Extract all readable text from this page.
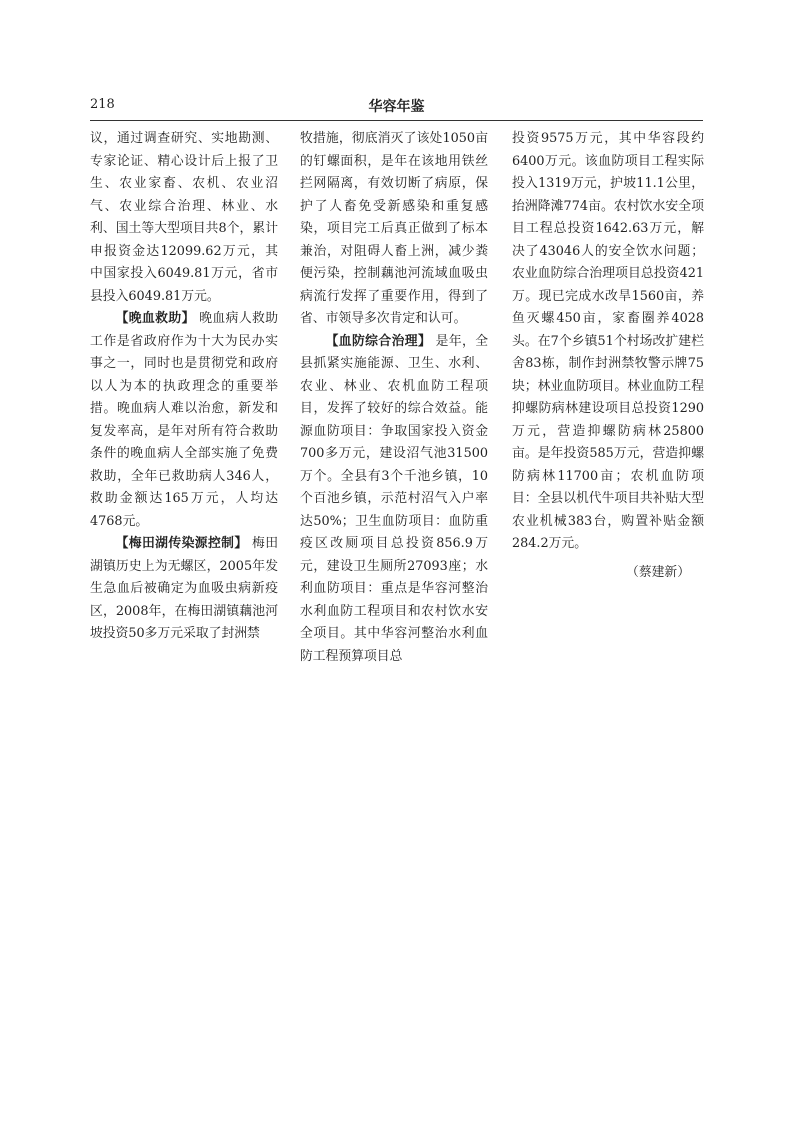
218	华容年鉴

议，通过调查研究、实地勘测、专家论证、精心设计后上报了卫生、农业家畜、农机、农业沼气、农业综合治理、林业、水利、国土等大型项目共8个，累计申报资金达12099.62万元，其中国家投入6049.81万元，省市县投入6049.81万元。

【晚血救助】 晚血病人救助工作是省政府作为十大为民办实事之一，同时也是贯彻党和政府以人为本的执政理念的重要举措。晚血病人难以治愈，新发和复发率高，是年对所有符合救助条件的晚血病人全部实施了免费救助，全年已救助病人346人，救助金额达165万元，人均达4768元。

【梅田湖传染源控制】 梅田湖镇历史上为无螺区，2005年发生急血后被确定为血吸虫病新疫区，2008年，在梅田湖镇藕池河坡投资50多万元采取了封洲禁

牧措施，彻底消灭了该处1050亩的钉螺面积，是年在该地用铁丝拦网隔离，有效切断了病原，保护了人畜免受新感染和重复感染，项目完工后真正做到了标本兼治，对阻碍人畜上洲，减少粪便污染，控制藕池河流域血吸虫病流行发挥了重要作用，得到了省、市领导多次肯定和认可。

【血防综合治理】 是年，全县抓紧实施能源、卫生、水利、农业、林业、农机血防工程项目，发挥了较好的综合效益。能源血防项目：争取国家投入资金700多万元，建设沼气池31500万个。全县有3个千池乡镇，10个百池乡镇，示范村沼气入户率达50%；卫生血防项目：血防重疫区改厕项目总投资856.9万元，建设卫生厕所27093座；水利血防项目：重点是华容河整治水利血防工程项目和农村饮水安全项目。其中华容河整治水利血防工程预算项目总

投资9575万元，其中华容段约6400万元。该血防项目工程实际投入1319万元，护坡11.1公里，抬洲降滩774亩。农村饮水安全项目工程总投资1642.63万元，解决了43046人的安全饮水问题；农业血防综合治理项目总投资421万。现已完成水改旱1560亩，养鱼灭螺450亩，家畜圈养4028头。在7个乡镇51个村场改扩建栏舍83栋，制作封洲禁牧警示牌75块；林业血防项目。林业血防工程抑螺防病林建设项目总投资1290万元，营造抑螺防病林25800亩。是年投资585万元，营造抑螺防病林11700亩；农机血防项目：全县以机代牛项目共补贴大型农业机械383台，购置补贴金额284.2万元。

（蔡建新）
